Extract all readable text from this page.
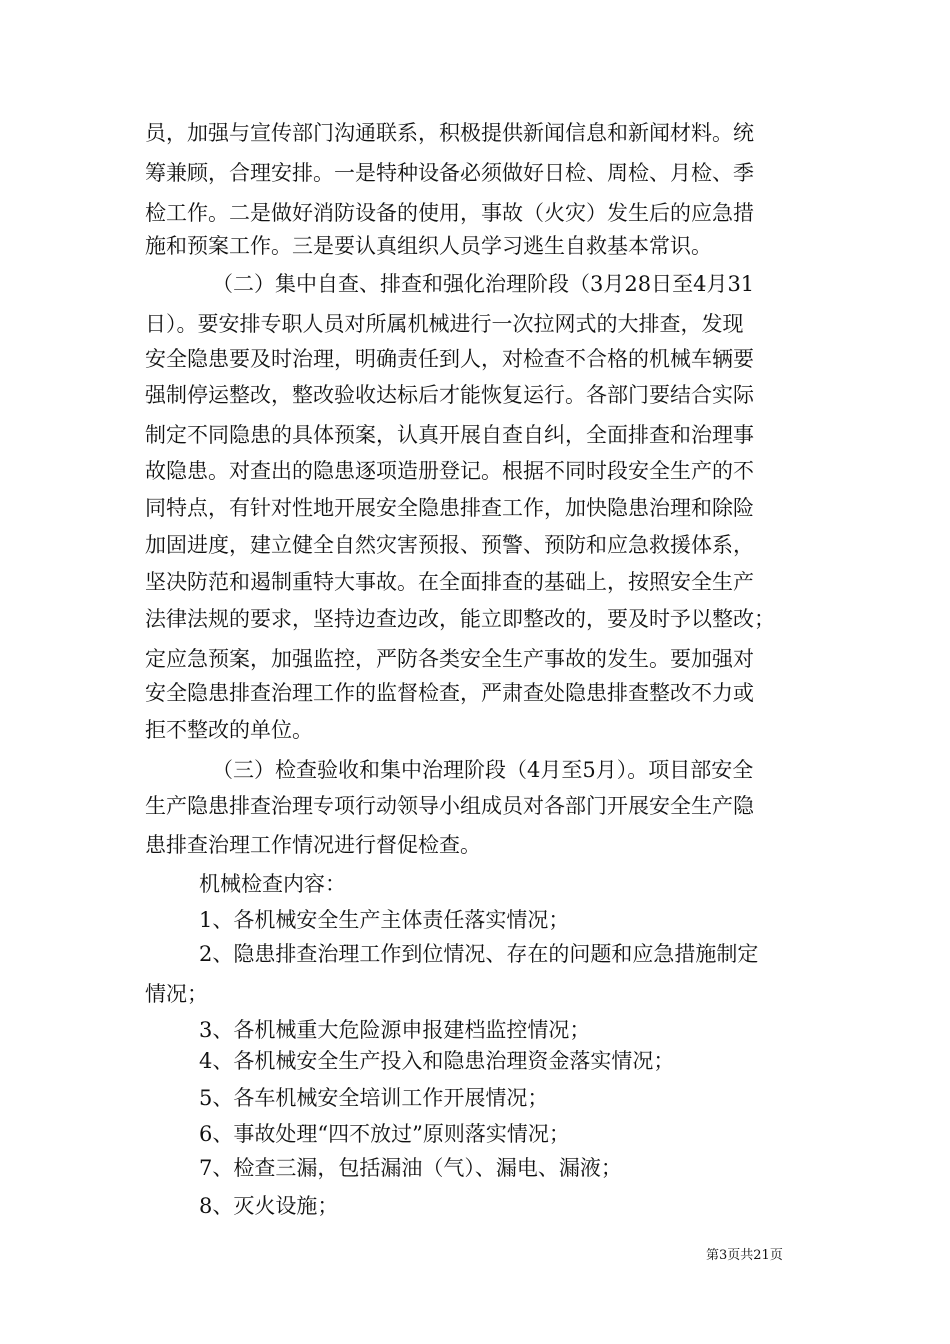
员，加强与宣传部门沟通联系，积极提供新闻信息和新闻材料。统
筹兼顾，合理安排。一是特种设备必须做好日检、周检、月检、季
检工作。二是做好消防设备的使用，事故（火灾）发生后的应急措
施和预案工作。三是要认真组织人员学习逃生自救基本常识。
（二）集中自查、排查和强化治理阶段（3月28日至4月31
日）。要安排专职人员对所属机械进行一次拉网式的大排查，发现
安全隐患要及时治理，明确责任到人，对检查不合格的机械车辆要
强制停运整改，整改验收达标后才能恢复运行。各部门要结合实际
制定不同隐患的具体预案，认真开展自查自纠，全面排查和治理事
故隐患。对查出的隐患逐项造册登记。根据不同时段安全生产的不
同特点，有针对性地开展安全隐患排查工作，加快隐患治理和除险
加固进度，建立健全自然灾害预报、预警、预防和应急救援体系，
坚决防范和遏制重特大事故。在全面排查的基础上，按照安全生产
法律法规的要求，坚持边查边改，能立即整改的，要及时予以整改；
定应急预案，加强监控，严防各类安全生产事故的发生。要加强对
安全隐患排查治理工作的监督检查，严肃查处隐患排查整改不力或
拒不整改的单位。
（三）检查验收和集中治理阶段（4月至5月）。项目部安全
生产隐患排查治理专项行动领导小组成员对各部门开展安全生产隐
患排查治理工作情况进行督促检查。
机械检查内容：
1、各机械安全生产主体责任落实情况；
2、隐患排查治理工作到位情况、存在的问题和应急措施制定
情况；
3、各机械重大危险源申报建档监控情况；
4、各机械安全生产投入和隐患治理资金落实情况；
5、各车机械安全培训工作开展情况；
6、事故处理“四不放过”原则落实情况；
7、检查三漏，包括漏油（气）、漏电、漏液；
8、灭火设施；
第3页共21页
